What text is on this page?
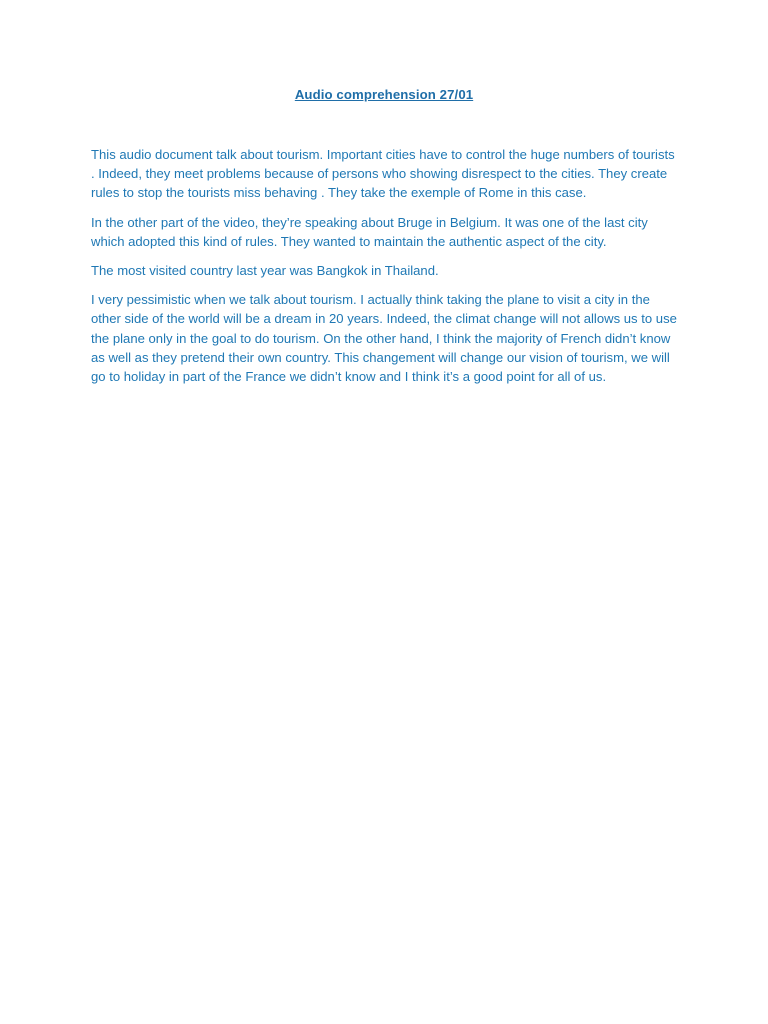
Audio comprehension 27/01

This audio document talk about tourism. Important cities have to control the huge numbers of tourists . Indeed, they meet problems because of persons who showing disrespect to the cities. They create rules to stop the tourists miss behaving . They take the exemple of Rome in this case.

In the other part of the video, they’re speaking about Bruge in Belgium. It was one of the last city which adopted this kind of rules. They wanted to maintain the authentic aspect of the city.

The most visited country last year was Bangkok in Thailand.

I very pessimistic when we talk about tourism. I actually think taking the plane to visit a city in the other side of the world will be a dream in 20 years. Indeed, the climat change will not allows us to use the plane only in the goal to do tourism. On the other hand, I think the majority of French didn’t know as well as they pretend their own country. This changement will change our vision of tourism, we will go to holiday in part of the France we didn’t know and I think it’s a good point for all of us.
